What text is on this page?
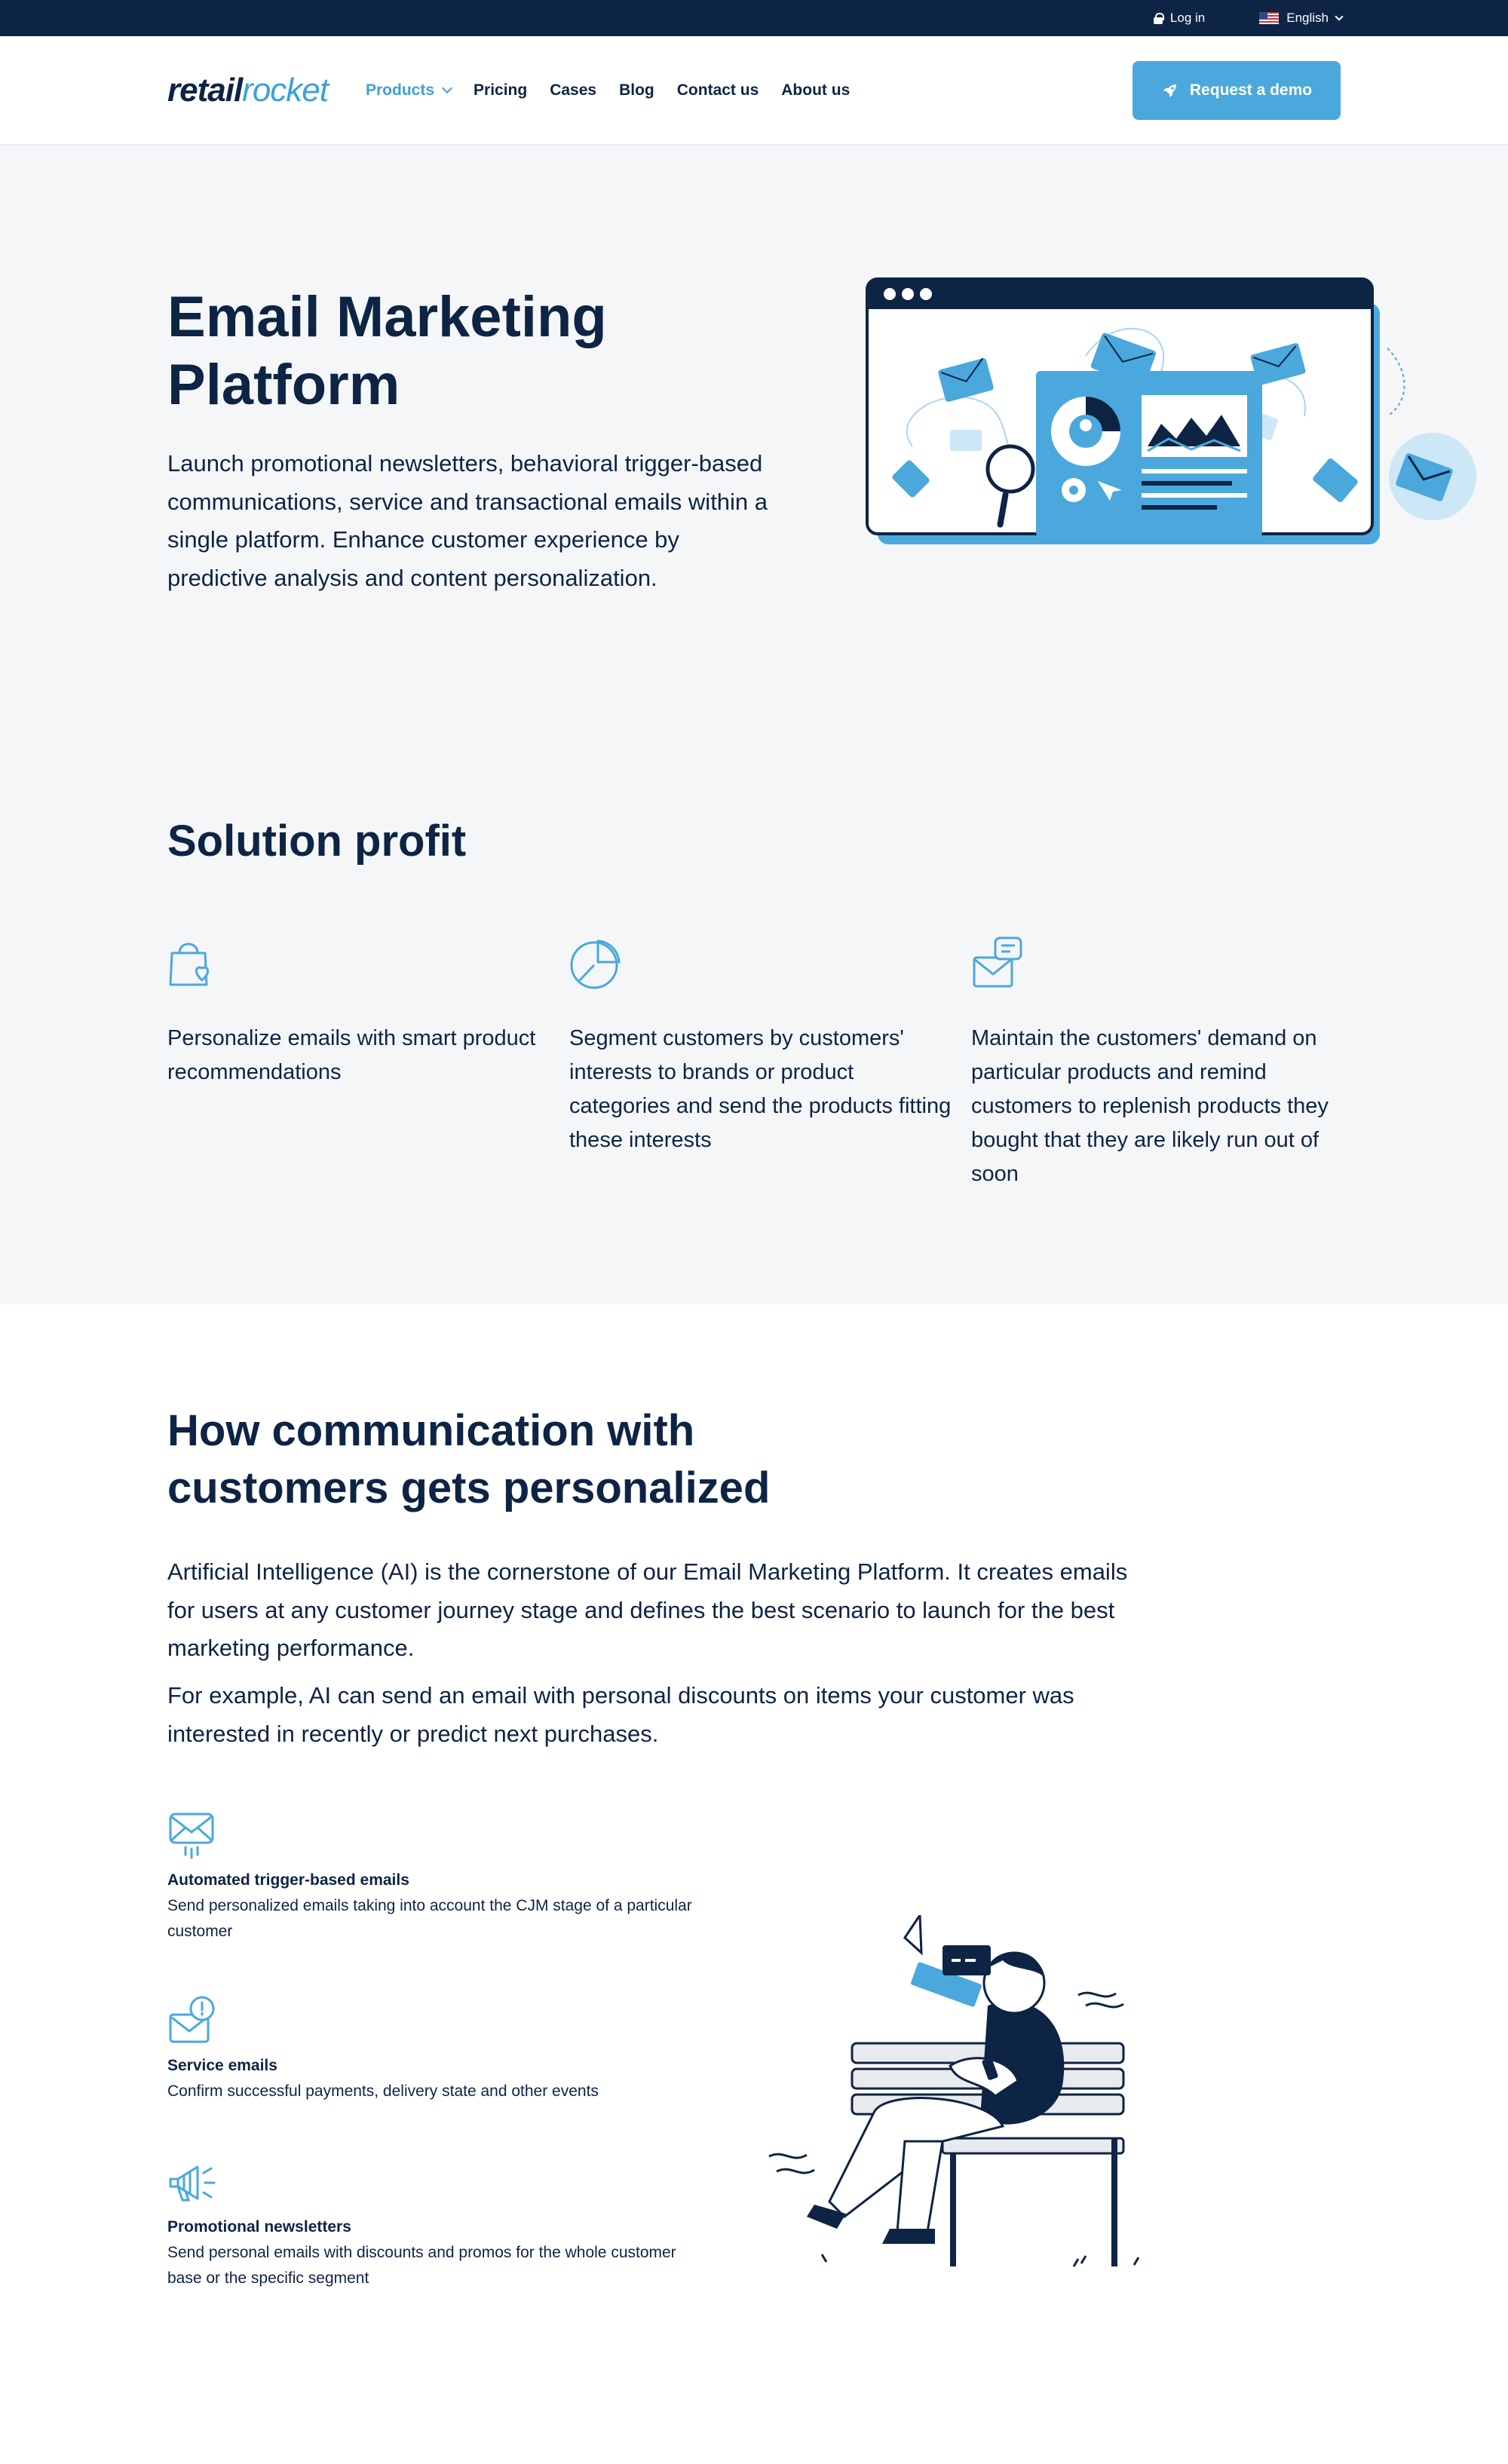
Log in	English
retail rocket Products Pricing Cases Blog Contact us About us	Request a demo
Email Marketing Platform

Launch promotional newsletters, behavioral trigger-based communications, service and transactional emails within a single platform. Enhance customer experience by predictive analysis and content personalization.

Solution profit

Personalize emails with smart product recommendations

Segment customers by customers' interests to brands or product categories and send the products fitting these interests

Maintain the customers' demand on particular products and remind customers to replenish products they bought that they are likely run out of soon

How communication with customers gets personalized

Artificial Intelligence (AI) is the cornerstone of our Email Marketing Platform. It creates emails for users at any customer journey stage and defines the best scenario to launch for the best marketing performance.

For example, AI can send an email with personal discounts on items your customer was interested in recently or predict next purchases.

Automated trigger-based emails
Send personalized emails taking into account the CJM stage of a particular customer
Service emails
Confirm successful payments, delivery state and other events
Promotional newsletters
Send personal emails with discounts and promos for the whole customer base or the specific segment
